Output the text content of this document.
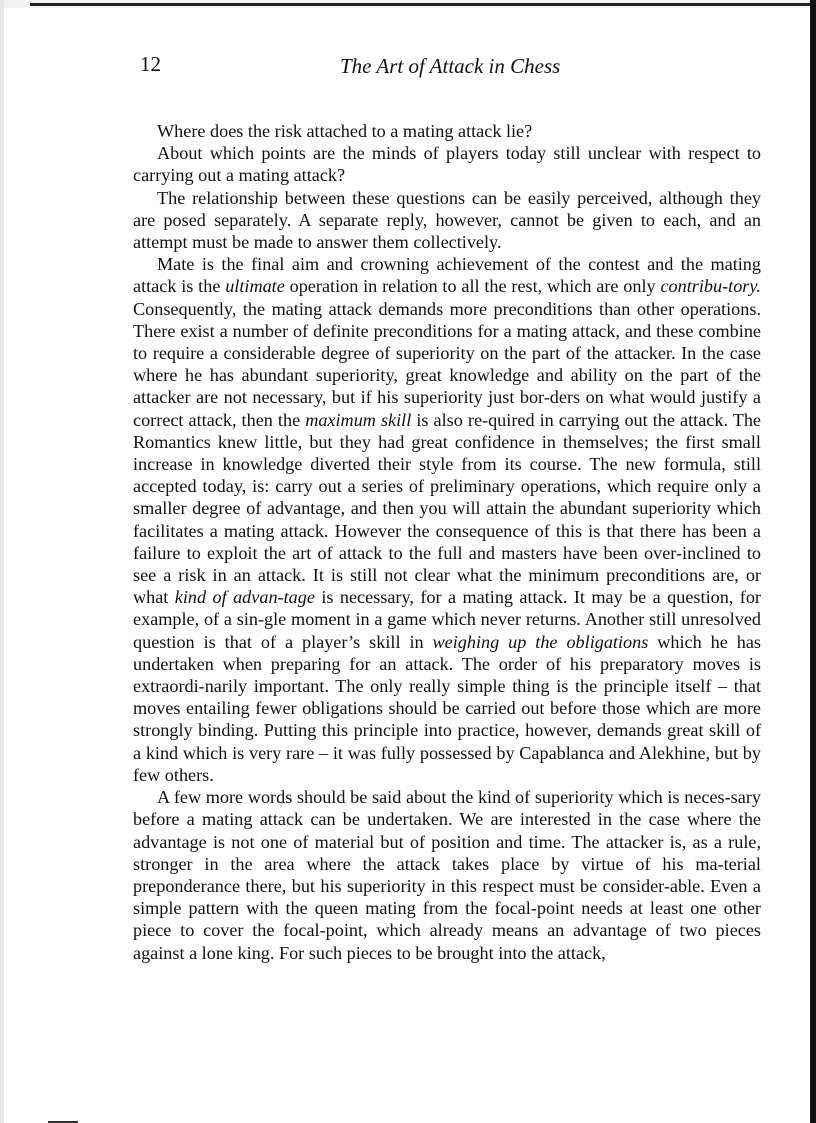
12	The Art of Attack in Chess

Where does the risk attached to a mating attack lie?

About which points are the minds of players today still unclear with respect to carrying out a mating attack?

The relationship between these questions can be easily perceived, although they are posed separately. A separate reply, however, cannot be given to each, and an attempt must be made to answer them collectively.

Mate is the final aim and crowning achievement of the contest and the mating attack is the ultimate operation in relation to all the rest, which are only contribu-tory. Consequently, the mating attack demands more preconditions than other operations. There exist a number of definite preconditions for a mating attack, and these combine to require a considerable degree of superiority on the part of the attacker. In the case where he has abundant superiority, great knowledge and ability on the part of the attacker are not necessary, but if his superiority just bor-ders on what would justify a correct attack, then the maximum skill is also re-quired in carrying out the attack. The Romantics knew little, but they had great confidence in themselves; the first small increase in knowledge diverted their style from its course. The new formula, still accepted today, is: carry out a series of preliminary operations, which require only a smaller degree of advantage, and then you will attain the abundant superiority which facilitates a mating attack. However the consequence of this is that there has been a failure to exploit the art of attack to the full and masters have been over-inclined to see a risk in an attack. It is still not clear what the minimum preconditions are, or what kind of advan-tage is necessary, for a mating attack. It may be a question, for example, of a sin-gle moment in a game which never returns. Another still unresolved question is that of a player’s skill in weighing up the obligations which he has undertaken when preparing for an attack. The order of his preparatory moves is extraordi-narily important. The only really simple thing is the principle itself – that moves entailing fewer obligations should be carried out before those which are more strongly binding. Putting this principle into practice, however, demands great skill of a kind which is very rare – it was fully possessed by Capablanca and Alekhine, but by few others.

A few more words should be said about the kind of superiority which is neces-sary before a mating attack can be undertaken. We are interested in the case where the advantage is not one of material but of position and time. The attacker is, as a rule, stronger in the area where the attack takes place by virtue of his ma-terial preponderance there, but his superiority in this respect must be consider-able. Even a simple pattern with the queen mating from the focal-point needs at least one other piece to cover the focal-point, which already means an advantage of two pieces against a lone king. For such pieces to be brought into the attack,
